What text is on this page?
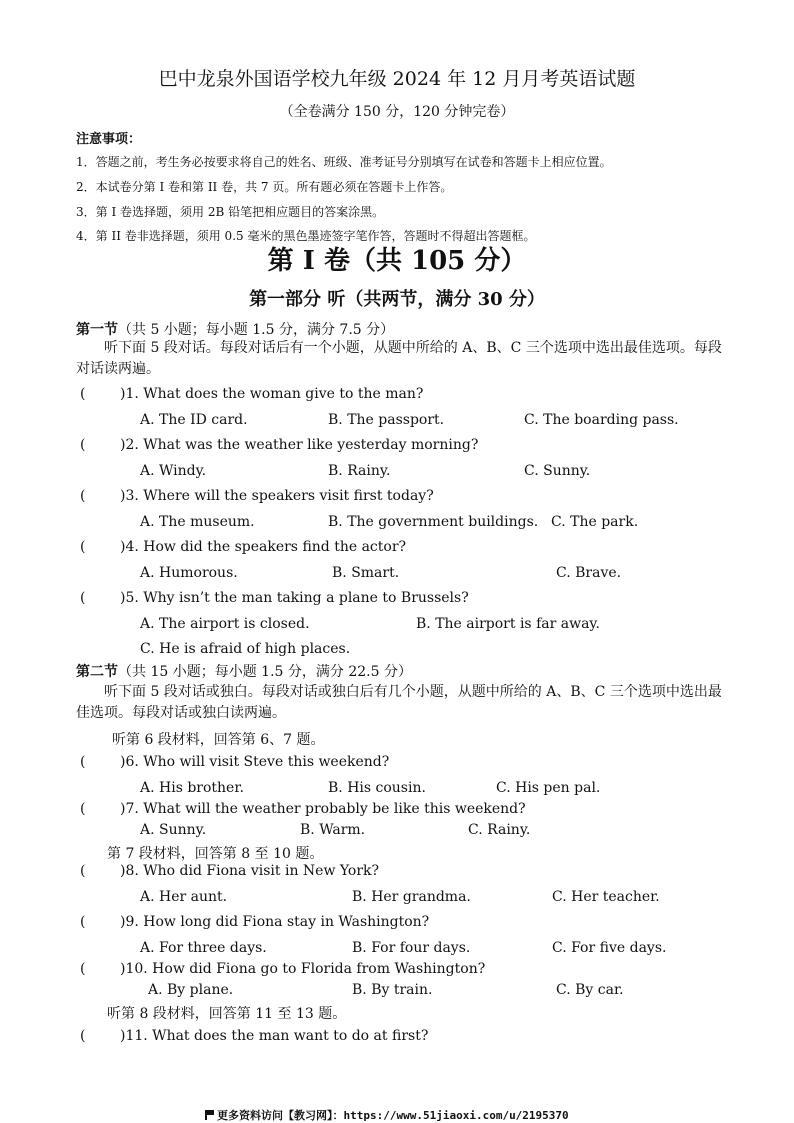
巴中龙泉外国语学校九年级 2024 年 12 月月考英语试题
（全卷满分 150 分，120 分钟完卷）
注意事项：
1．答题之前，考生务必按要求将自己的姓名、班级、准考证号分别填写在试卷和答题卡上相应位置。
2．本试卷分第 I 卷和第 II 卷，共 7 页。所有题必须在答题卡上作答。
3．第 I 卷选择题，须用 2B 铅笔把相应题目的答案涂黑。
4．第 II 卷非选择题，须用 0.5 毫米的黑色墨迹签字笔作答，答题时不得超出答题框。
第 I 卷（共 105 分）
第一部分 听（共两节，满分 30 分）
第一节（共 5 小题；每小题 1.5 分，满分 7.5 分）
听下面 5 段对话。每段对话后有一个小题，从题中所给的 A、B、C 三个选项中选出最佳选项。每段对话读两遍。
( )1. What does the woman give to the man?
A. The ID card.	B. The passport.	C. The boarding pass.
( )2. What was the weather like yesterday morning?
A. Windy.	B. Rainy.	C. Sunny.
( )3. Where will the speakers visit first today?
A. The museum.	B. The government buildings. C. The park.
( )4. How did the speakers find the actor?
A. Humorous.	B. Smart.	C. Brave.
( )5. Why isn’t the man taking a plane to Brussels?
A. The airport is closed.	B. The airport is far away.
C. He is afraid of high places.
第二节（共 15 小题；每小题 1.5 分，满分 22.5 分）
听下面 5 段对话或独白。每段对话或独白后有几个小题，从题中所给的 A、B、C 三个选项中选出最佳选项。每段对话或独白读两遍。
听第 6 段材料，回答第 6、7 题。
( )6. Who will visit Steve this weekend?
A. His brother.	B. His cousin.	C. His pen pal.
( )7. What will the weather probably be like this weekend?
A. Sunny.	B. Warm.	C. Rainy.
第 7 段材料，回答第 8 至 10 题。
( )8. Who did Fiona visit in New York?
A. Her aunt.	B. Her grandma.	C. Her teacher.
( )9. How long did Fiona stay in Washington?
A. For three days.	B. For four days.	C. For five days.
( )10. How did Fiona go to Florida from Washington?
A. By plane.	B. By train.	C. By car.
听第 8 段材料，回答第 11 至 13 题。
( )11. What does the man want to do at first?
更多资料访问【教习网】：https://www.51jiaoxi.com/u/2195370
